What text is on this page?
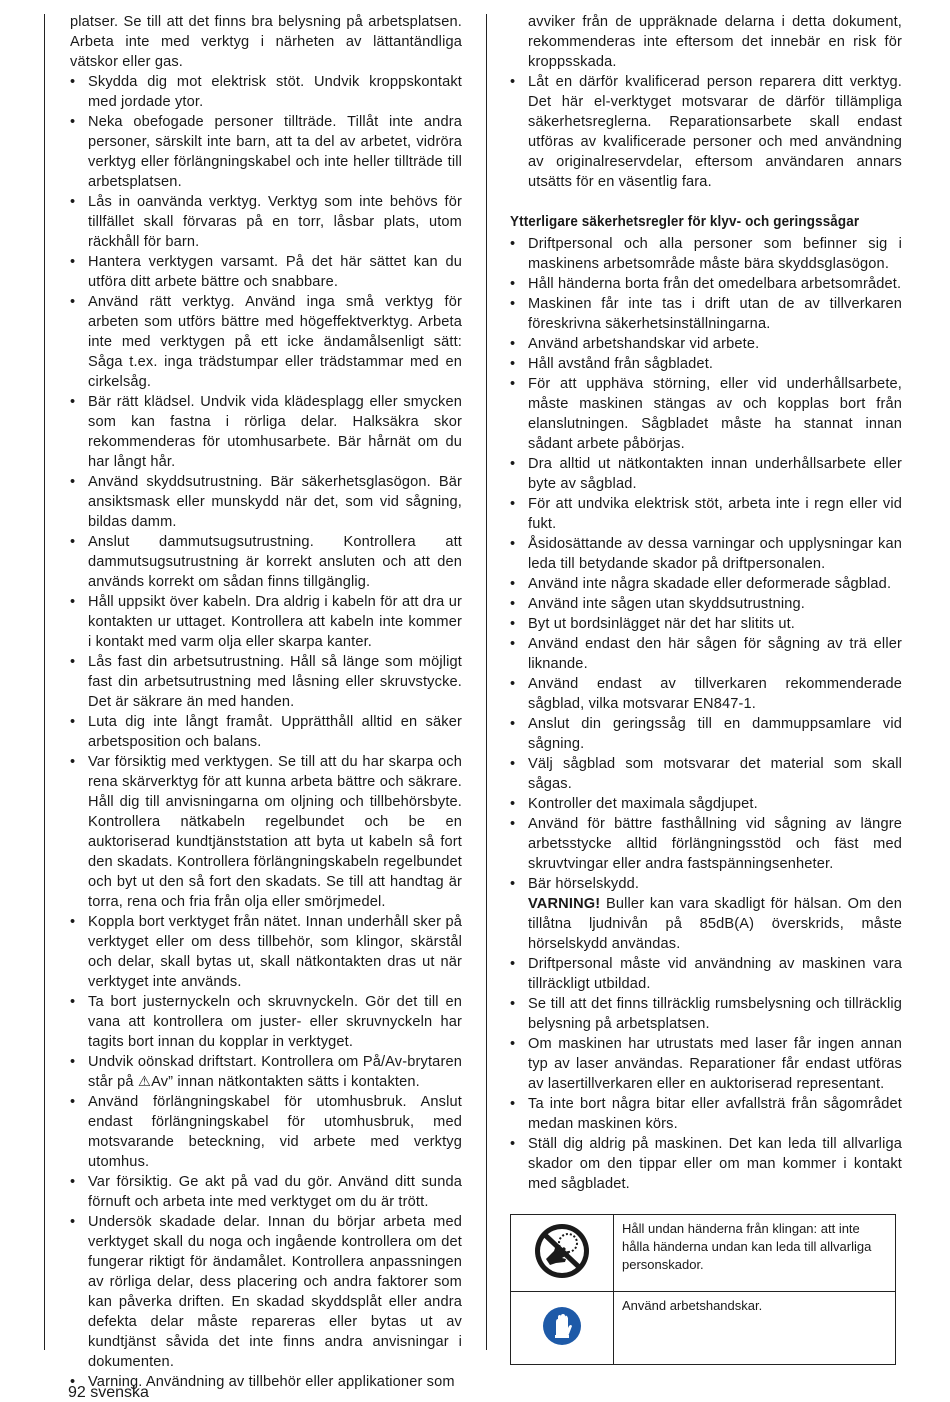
platser. Se till att det finns bra belysning på arbetsplatsen. Arbeta inte med verktyg i närheten av lättantändliga vätskor eller gas.

• Skydda dig mot elektrisk stöt. Undvik kroppskontakt med jordade ytor.
• Neka obefogade personer tillträde. Tillåt inte andra personer, särskilt inte barn, att ta del av arbetet, vidröra verktyg eller förlängningskabel och inte heller tillträde till arbetsplatsen.
• Lås in oanvända verktyg. Verktyg som inte behövs för tillfället skall förvaras på en torr, låsbar plats, utom räckhåll för barn.
• Hantera verktygen varsamt. På det här sättet kan du utföra ditt arbete bättre och snabbare.
• Använd rätt verktyg. Använd inga små verktyg för arbeten som utförs bättre med högeffektverktyg. Arbeta inte med verktygen på ett icke ändamålsenligt sätt: Såga t.ex. inga trädstumpar eller trädstammar med en cirkelsåg.
• Bär rätt klädsel. Undvik vida klädesplagg eller smycken som kan fastna i rörliga delar. Halksäkra skor rekommenderas för utomhusarbete. Bär hårnät om du har långt hår.
• Använd skyddsutrustning. Bär säkerhetsglasögon. Bär ansiktsmask eller munskydd när det, som vid sågning, bildas damm.
• Anslut dammutsugsutrustning. Kontrollera att dammutsugsutrustning är korrekt ansluten och att den används korrekt om sådan finns tillgänglig.
• Håll uppsikt över kabeln. Dra aldrig i kabeln för att dra ur kontakten ur uttaget. Kontrollera att kabeln inte kommer i kontakt med varm olja eller skarpa kanter.
• Lås fast din arbetsutrustning. Håll så länge som möjligt fast din arbetsutrustning med låsning eller skruvstycke. Det är säkrare än med handen.
• Luta dig inte långt framåt. Upprätthåll alltid en säker arbetsposition och balans.
• Var försiktig med verktygen. Se till att du har skarpa och rena skärverktyg för att kunna arbeta bättre och säkrare. Håll dig till anvisningarna om oljning och tillbehörsbyte. Kontrollera nätkabeln regelbundet och be en auktoriserad kundtjänststation att byta ut kabeln så fort den skadats. Kontrollera förlängningskabeln regelbundet och byt ut den så fort den skadats. Se till att handtag är torra, rena och fria från olja eller smörjmedel.
• Koppla bort verktyget från nätet. Innan underhåll sker på verktyget eller om dess tillbehör, som klingor, skärstål och delar, skall bytas ut, skall nätkontakten dras ut när verktyget inte används.
• Ta bort justernyckeln och skruvnyckeln. Gör det till en vana att kontrollera om juster- eller skruvnyckeln har tagits bort innan du kopplar in verktyget.
• Undvik oönskad driftstart. Kontrollera om På/Av-brytaren står på ⚠Av” innan nätkontakten sätts i kontakten.
• Använd förlängningskabel för utomhusbruk. Anslut endast förlängningskabel för utomhusbruk, med motsvarande beteckning, vid arbete med verktyg utomhus.
• Var försiktig. Ge akt på vad du gör. Använd ditt sunda förnuft och arbeta inte med verktyget om du är trött.
• Undersök skadade delar. Innan du börjar arbeta med verktyget skall du noga och ingående kontrollera om det fungerar riktigt för ändamålet. Kontrollera anpassningen av rörliga delar, dess placering och andra faktorer som kan påverka driften. En skadad skyddsplåt eller andra defekta delar måste repareras eller bytas ut av kundtjänst såvida det inte finns andra anvisningar i dokumenten.
• Varning. Användning av tillbehör eller applikationer som

avviker från de uppräknade delarna i detta dokument, rekommenderas inte eftersom det innebär en risk för kroppsskada.

• Låt en därför kvalificerad person reparera ditt verktyg. Det här el-verktyget motsvarar de därför tillämpliga säkerhetsreglerna. Reparationsarbete skall endast utföras av kvalificerade personer och med användning av originalreservdelar, eftersom användaren annars utsätts för en väsentlig fara.
Ytterligare säkerhetsregler för klyv- och geringssågar
• Driftpersonal och alla personer som befinner sig i maskinens arbetsområde måste bära skyddsglasögon.
• Håll händerna borta från det omedelbara arbetsområdet.
• Maskinen får inte tas i drift utan de av tillverkaren föreskrivna säkerhetsinställningarna.
• Använd arbetshandskar vid arbete.
• Håll avstånd från sågbladet.
• För att upphäva störning, eller vid underhållsarbete, måste maskinen stängas av och kopplas bort från elanslutningen. Sågbladet måste ha stannat innan sådant arbete påbörjas.
• Dra alltid ut nätkontakten innan underhållsarbete eller byte av sågblad.
• För att undvika elektrisk stöt, arbeta inte i regn eller vid fukt.
• Åsidosättande av dessa varningar och upplysningar kan leda till betydande skador på driftpersonalen.
• Använd inte några skadade eller deformerade sågblad.
• Använd inte sågen utan skyddsutrustning.
• Byt ut bordsinlägget när det har slitits ut.
• Använd endast den här sågen för sågning av trä eller liknande.
• Använd endast av tillverkaren rekommenderade sågblad, vilka motsvarar EN847-1.
• Anslut din geringssåg till en dammuppsamlare vid sågning.
• Välj sågblad som motsvarar det material som skall sågas.
• Kontroller det maximala sågdjupet.
• Använd för bättre fasthållning vid sågning av längre arbetsstycke alltid förlängningsstöd och fäst med skruvtvingar eller andra fastspänningsenheter.
• Bär hörselskydd.
VARNING! Buller kan vara skadligt för hälsan. Om den tillåtna ljudnivån på 85dB(A) överskrids, måste hörselskydd användas.
• Driftpersonal måste vid användning av maskinen vara tillräckligt utbildad.
• Se till att det finns tillräcklig rumsbelysning och tillräcklig belysning på arbetsplatsen.
• Om maskinen har utrustats med laser får ingen annan typ av laser användas. Reparationer får endast utföras av lasertillverkaren eller en auktoriserad representant.
• Ta inte bort några bitar eller avfallsträ från sågområdet medan maskinen körs.
• Ställ dig aldrig på maskinen. Det kan leda till allvarliga skador om den tippar eller om man kommer i kontakt med sågbladet.
	Håll undan händerna från klingan: att inte hålla händerna undan kan leda till allvarliga personskador.
	Använd arbetshandskar.
92 svenska
